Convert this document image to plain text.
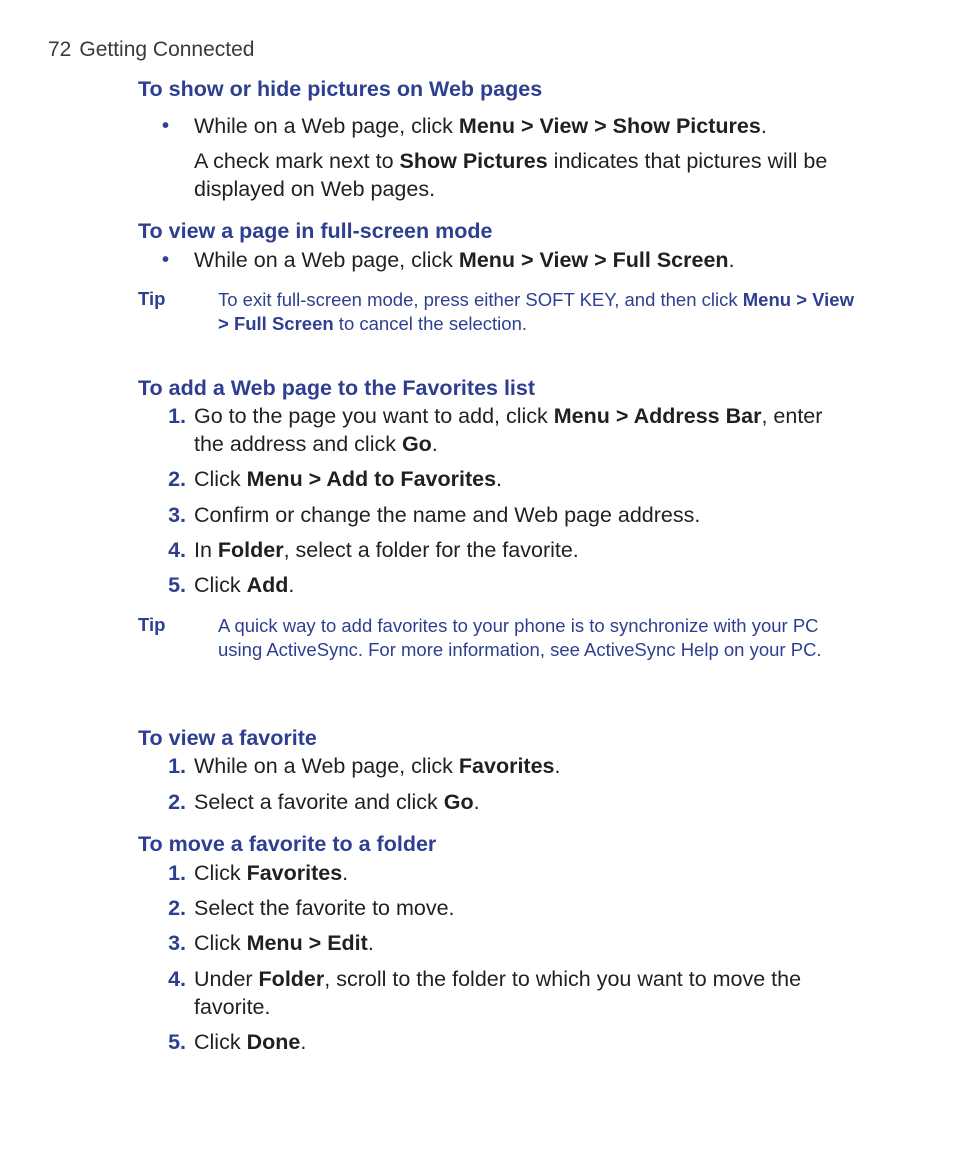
72 Getting Connected
To show or hide pictures on Web pages
•	While on a Web page, click Menu > View > Show Pictures.
A check mark next to Show Pictures indicates that pictures will be displayed on Web pages.
To view a page in full-screen mode
•	While on a Web page, click Menu > View > Full Screen.
Tip	To exit full-screen mode, press either SOFT KEY, and then click Menu > View > Full Screen to cancel the selection.
To add a Web page to the Favorites list
1. Go to the page you want to add, click Menu > Address Bar, enter the address and click Go.
2. Click Menu > Add to Favorites.
3. Confirm or change the name and Web page address.
4. In Folder, select a folder for the favorite.
5. Click Add.
Tip	A quick way to add favorites to your phone is to synchronize with your PC using ActiveSync. For more information, see ActiveSync Help on your PC.
To view a favorite
1. While on a Web page, click Favorites.
2. Select a favorite and click Go.
To move a favorite to a folder
1. Click Favorites.
2. Select the favorite to move.
3. Click Menu > Edit.
4. Under Folder, scroll to the folder to which you want to move the favorite.
5. Click Done.
